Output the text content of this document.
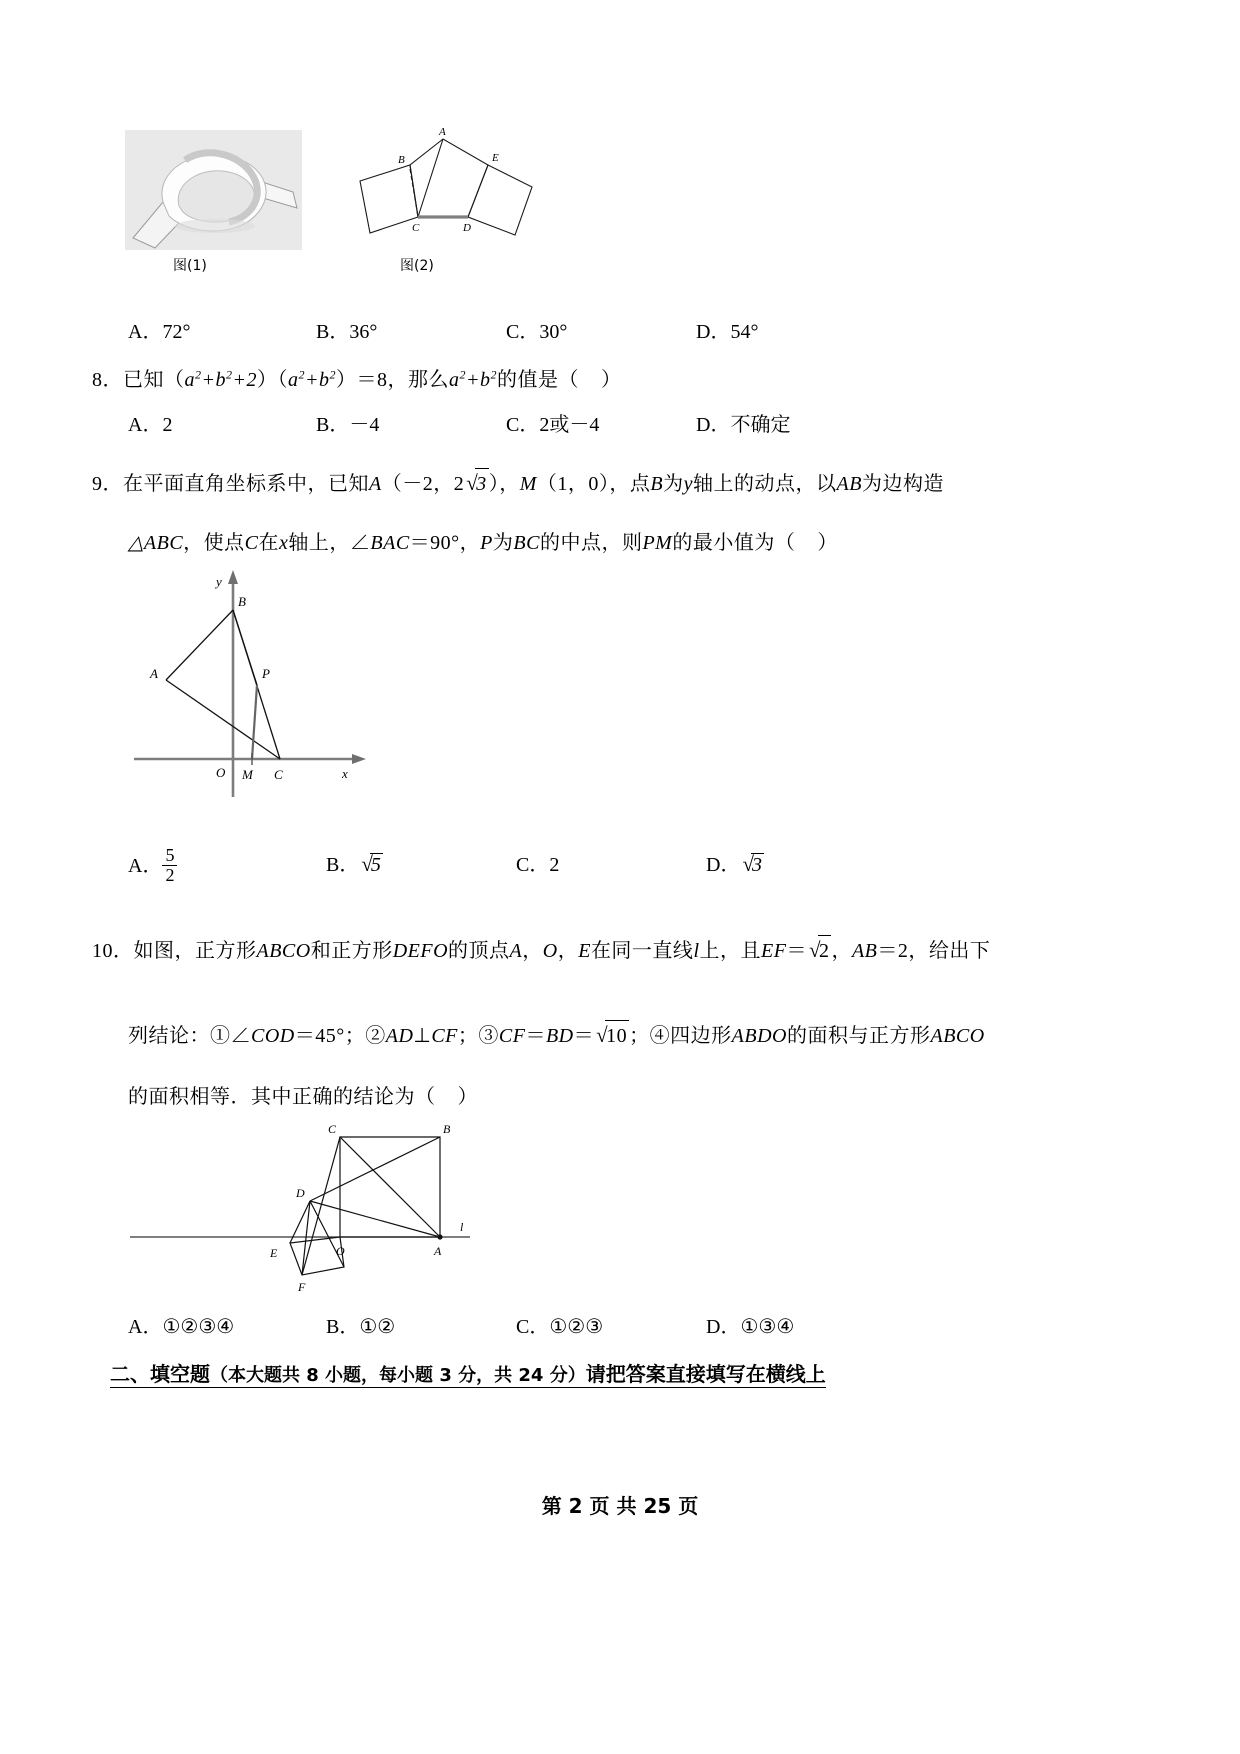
图(1)
A
B	E
C	D
图(2)
A．72°	B．36°	C．30°	D．54°
8．已知$(a^2+b^2+2)(a^2+b^2)=8$，那么$a^2+b^2$的值是（ ）
A．2	B．－4	C．2或－4	D．不确定
9．在平面直角坐标系中，已知A（－2，2√3 ），M（1，0），点B为y轴上的动点，以AB为边构造
△ABC，使点C在x轴上，∠BAC＝90°，P为BC的中点，则PM的最小值为（ ）
y
B
A	P
O M C	x
A． $\frac{5}{2}$	B．√5	C．2	D．√3
10．如图，正方形ABCO和正方形DEFO的顶点A，O，E在同一直线l上，且EF＝√2 ，AB＝2，给出下
列结论：①∠COD＝45°；②AD⊥CF；③CF＝BD＝√10 ；④四边形ABDO的面积与正方形ABCO
的面积相等．其中正确的结论为（ ）
C	B
D
E	O	A
F
l
A．①②③④	B．①②	C．①②③	D．①③④
二、填空题（本大题共 8 小题，每小题 3 分，共 24 分）请把答案直接填写在横线上
第 2 页 共 25 页
